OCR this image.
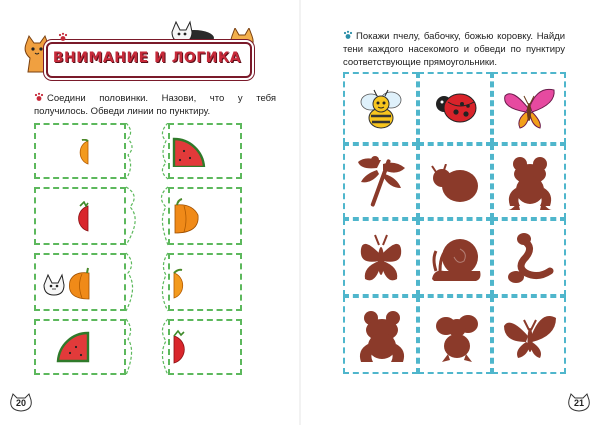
ВНИМАНИЕ И ЛОГИКА
Соедини половинки. Назови, что у тебя получилось. Обведи линии по пунктиру.
20
Покажи пчелу, бабочку, божью коровку. Найди тени каждого насекомого и обведи по пунктиру соответствующие прямоугольники.
21
